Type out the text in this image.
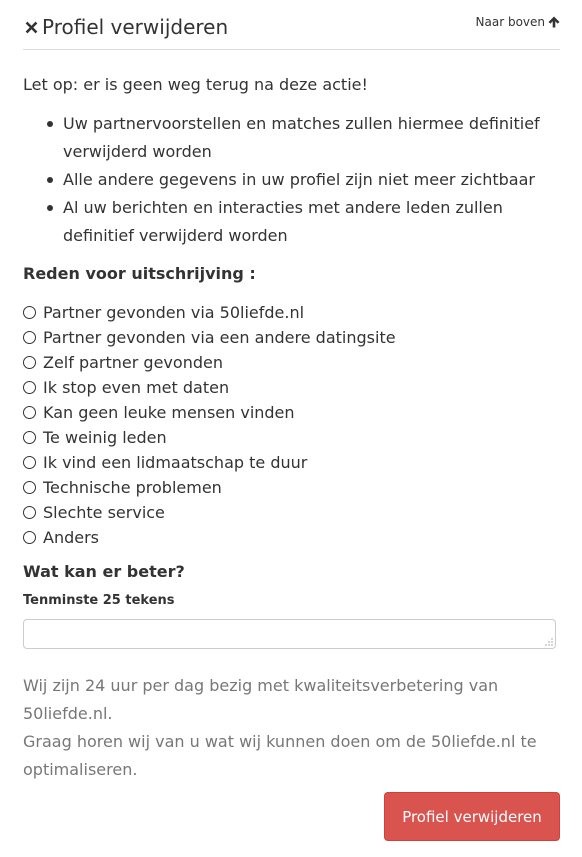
Profiel verwijderen	Naar boven
Let op: er is geen weg terug na deze actie!
Uw partnervoorstellen en matches zullen hiermee definitief verwijderd worden
Alle andere gegevens in uw profiel zijn niet meer zichtbaar
Al uw berichten en interacties met andere leden zullen definitief verwijderd worden
Reden voor uitschrijving :
Partner gevonden via 50liefde.nl
Partner gevonden via een andere datingsite
Zelf partner gevonden
Ik stop even met daten
Kan geen leuke mensen vinden
Te weinig leden
Ik vind een lidmaatschap te duur
Technische problemen
Slechte service
Anders
Wat kan er beter?
Tenminste 25 tekens

Wij zijn 24 uur per dag bezig met kwaliteitsverbetering van 50liefde.nl.

Graag horen wij van u wat wij kunnen doen om de 50liefde.nl te optimaliseren.

Profiel verwijderen
